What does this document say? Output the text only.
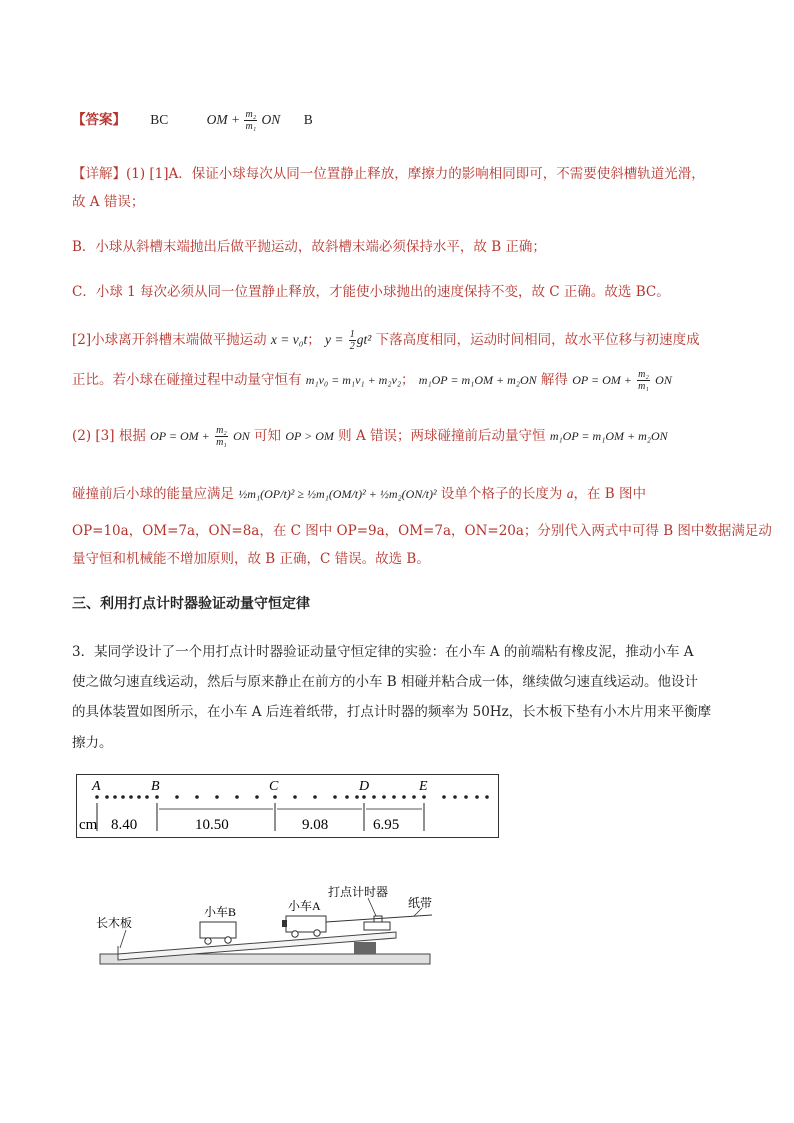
【答案】 BC	OM + $\frac{\text{m₂}}{\text{m₁}}$ ON B
【详解】(1) [1]A．保证小球每次从同一位置静止释放，摩擦力的影响相同即可，不需要使斜槽轨道光滑，
故 A 错误；
B．小球从斜槽末端抛出后做平抛运动，故斜槽末端必须保持水平，故 B 正确；
C．小球 1 每次必须从同一位置静止释放，才能使小球抛出的速度保持不变，故 C 正确。故选 BC。
[2]小球离开斜槽末端做平抛运动 x = v₀t； $y = \frac{1}{2} gt^2$ 下落高度相同，运动时间相同，故水平位移与初速度成
正比。若小球在碰撞过程中动量守恒有 m₁v₀ = m₁v₁ + m₂v₂； m₁OP = m₁OM + m₂ON 解得 OP = OM + $\frac{\text{m₂}}{\text{m₁}}$ ON
(2) [3] 根据 OP = OM + $\frac{\text{m₂}}{\text{m₁}}$ ON 可知 OP > OM 则 A 错误；两球碰撞前后动量守恒 m₁OP = m₁OM + m₂ON
碰撞前后小球的能量应满足 ½m₁(OP/t)² ≥ ½m₁(OM/t)² + ½m₂(ON/t)² 设单个格子的长度为 a，在 B 图中
OP=10a，OM=7a，ON=8a，在 C 图中 OP=9a，OM=7a，ON=20a；分别代入两式中可得 B 图中数据满足动
量守恒和机械能不增加原则，故 B 正确，C 错误。故选 B。
三、利用打点计时器验证动量守恒定律
3．某同学设计了一个用打点计时器验证动量守恒定律的实验：在小车 A 的前端粘有橡皮泥，推动小车 A
使之做匀速直线运动，然后与原来静止在前方的小车 B 相碰并粘合成一体，继续做匀速直线运动。他设计
的具体装置如图所示，在小车 A 后连着纸带，打点计时器的频率为 50Hz，长木板下垫有小木片用来平衡摩
擦力。
A	B	C	D	E
cm 8.40	10.50	9.08	6.95
长木板
小车B	小车A
打点计时器
纸带
